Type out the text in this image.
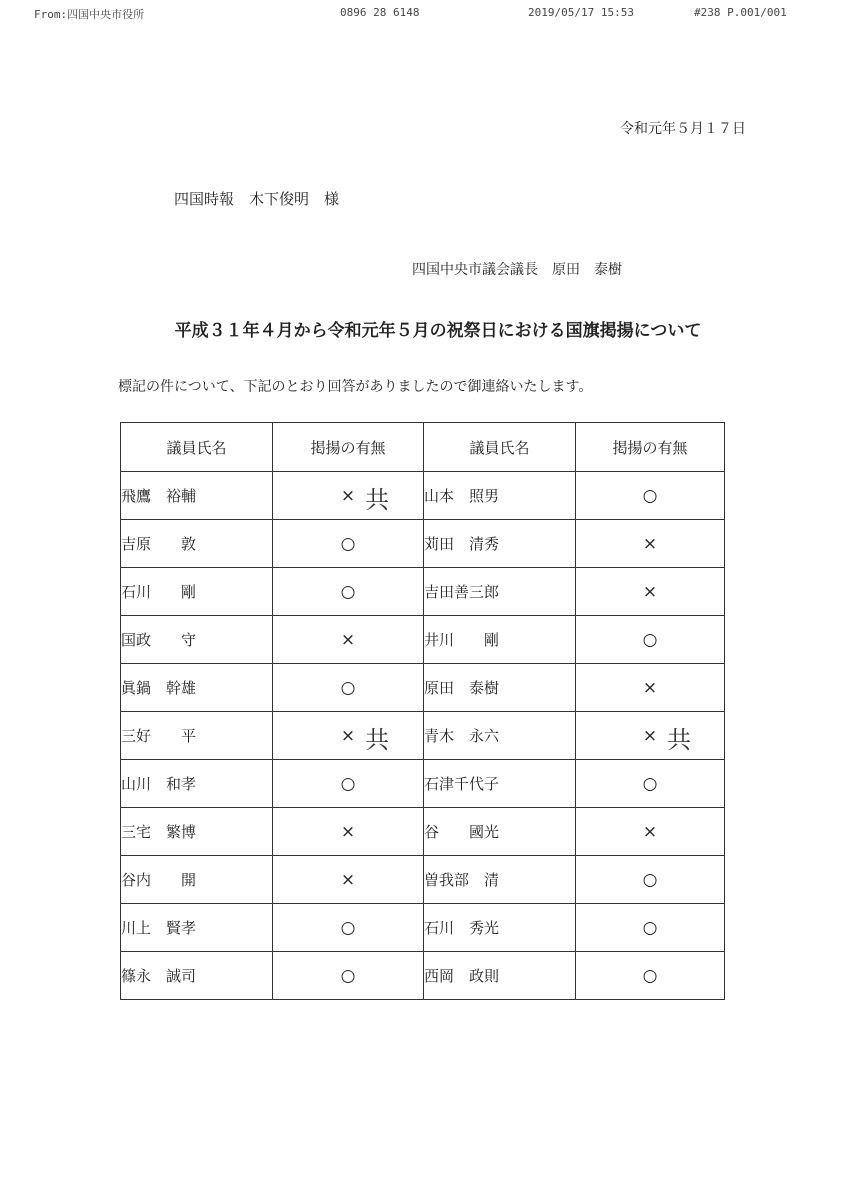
From:四国中央市役所	0896 28 6148	2019/05/17 15:53	#238 P.001/001
令和元年５月１７日
四国時報　木下俊明　様
四国中央市議会議長　原田　泰樹
平成３１年４月から令和元年５月の祝祭日における国旗掲揚について
標記の件について、下記のとおり回答がありましたので御連絡いたします。
議員氏名	掲揚の有無	議員氏名	掲揚の有無
飛鷹　裕輔	× 共	山本　照男	○
吉原　　敦	○	苅田　清秀	×
石川　　剛	○	吉田善三郎	×
国政　　守	×	井川　　剛	○
眞鍋　幹雄	○	原田　泰樹	×
三好　　平	× 共	青木　永六	× 共

山川　和孝	○	石津千代子	○
三宅　繁博	×	谷　　國光	×
谷内　　開	×	曽我部　清	○
川上　賢孝	○	石川　秀光	○
篠永　誠司	○	西岡　政則	○
